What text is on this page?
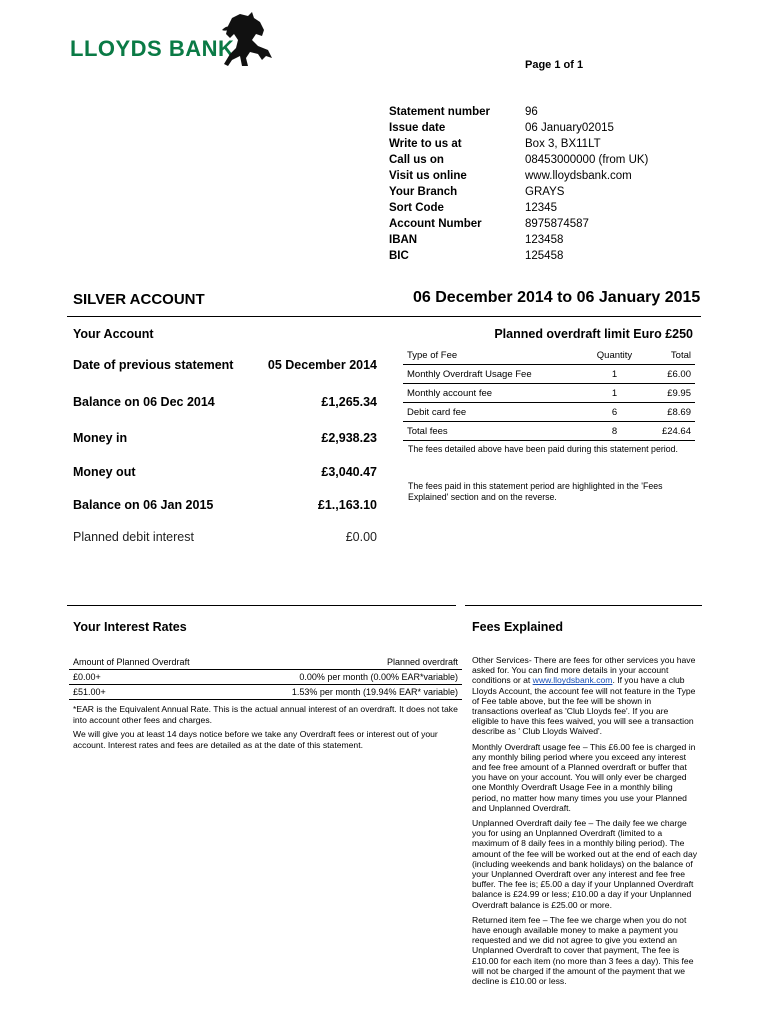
LLOYDS BANK
Page 1 of 1
Statement number	96
Issue date	06 January02015
Write to us at	Box 3, BX11LT
Call us on	08453000000 (from UK)
Visit us online	www.lloydsbank.com
Your Branch	GRAYS
Sort Code	12345
Account Number	8975874587
IBAN	123458
BIC	125458
SILVER ACCOUNT	06 December 2014 to 06 January 2015
Your Account
Date of previous statement	05 December 2014
Balance on 06 Dec 2014	£1,265.34
Money in	£2,938.23
Money out	£3,040.47
Balance on 06 Jan 2015	£1.,163.10
Planned debit interest	£0.00
Planned overdraft limit Euro £250
Type of Fee	Quantity	Total
Monthly Overdraft Usage Fee	1	£6.00
Monthly account fee	1	£9.95
Debit card fee	6	£8.69
Total fees	8	£24.64
The fees detailed above have been paid during this statement period.
The fees paid in this statement period are highlighted in the 'Fees Explained' section and on the reverse.
Your Interest Rates
Amount of Planned Overdraft	Planned overdraft
£0.00+	0.00% per month (0.00% EAR*variable)
£51.00+	1.53% per month (19.94% EAR* variable)
*EAR is the Equivalent Annual Rate. This is the actual annual interest of an overdraft. It does not take into account other fees and charges.
We will give you at least 14 days notice before we take any Overdraft fees or interest out of your account. Interest rates and fees are detailed as at the date of this statement.
Fees Explained

Other Services- There are fees for other services you have asked for. You can find more details in your account conditions or at www.lloydsbank.com. If you have a club Lloyds Account, the account fee will not feature in the Type of Fee table above, but the fee will be shown in transactions overleaf as 'Club Lloyds fee'. If you are eligible to have this fees waived, you will see a transaction describe as ' Club Lloyds Waived'.

Monthly Overdraft usage fee – This £6.00 fee is charged in any monthly biling period where you exceed any interest and fee free amount of a Planned overdraft or buffer that you have on your account. You will only ever be charged one Monthly Overdraft Usage Fee in a monthly biling period, no matter how many times you use your Planned and Unplanned Overdraft.

Unplanned Overdraft daily fee – The daily fee we charge you for using an Unplanned Overdraft (limited to a maximum of 8 daily fees in a monthly biling period). The amount of the fee will be worked out at the end of each day (including weekends and bank holidays) on the balance of your Unplanned Overdraft over any interest and fee free buffer. The fee is; £5.00 a day if your Unplanned Overdraft balance is £24.99 or less; £10.00 a day if your Unplanned Overdraft balance is £25.00 or more.

Returned item fee – The fee we charge when you do not have enough available money to make a payment you requested and we did not agree to give you extend an Unplanned Overdraft to cover that payment, The fee is £10.00 for each item (no more than 3 fees a day). This fee will not be charged if the amount of the payment that we decline is £10.00 or less.
